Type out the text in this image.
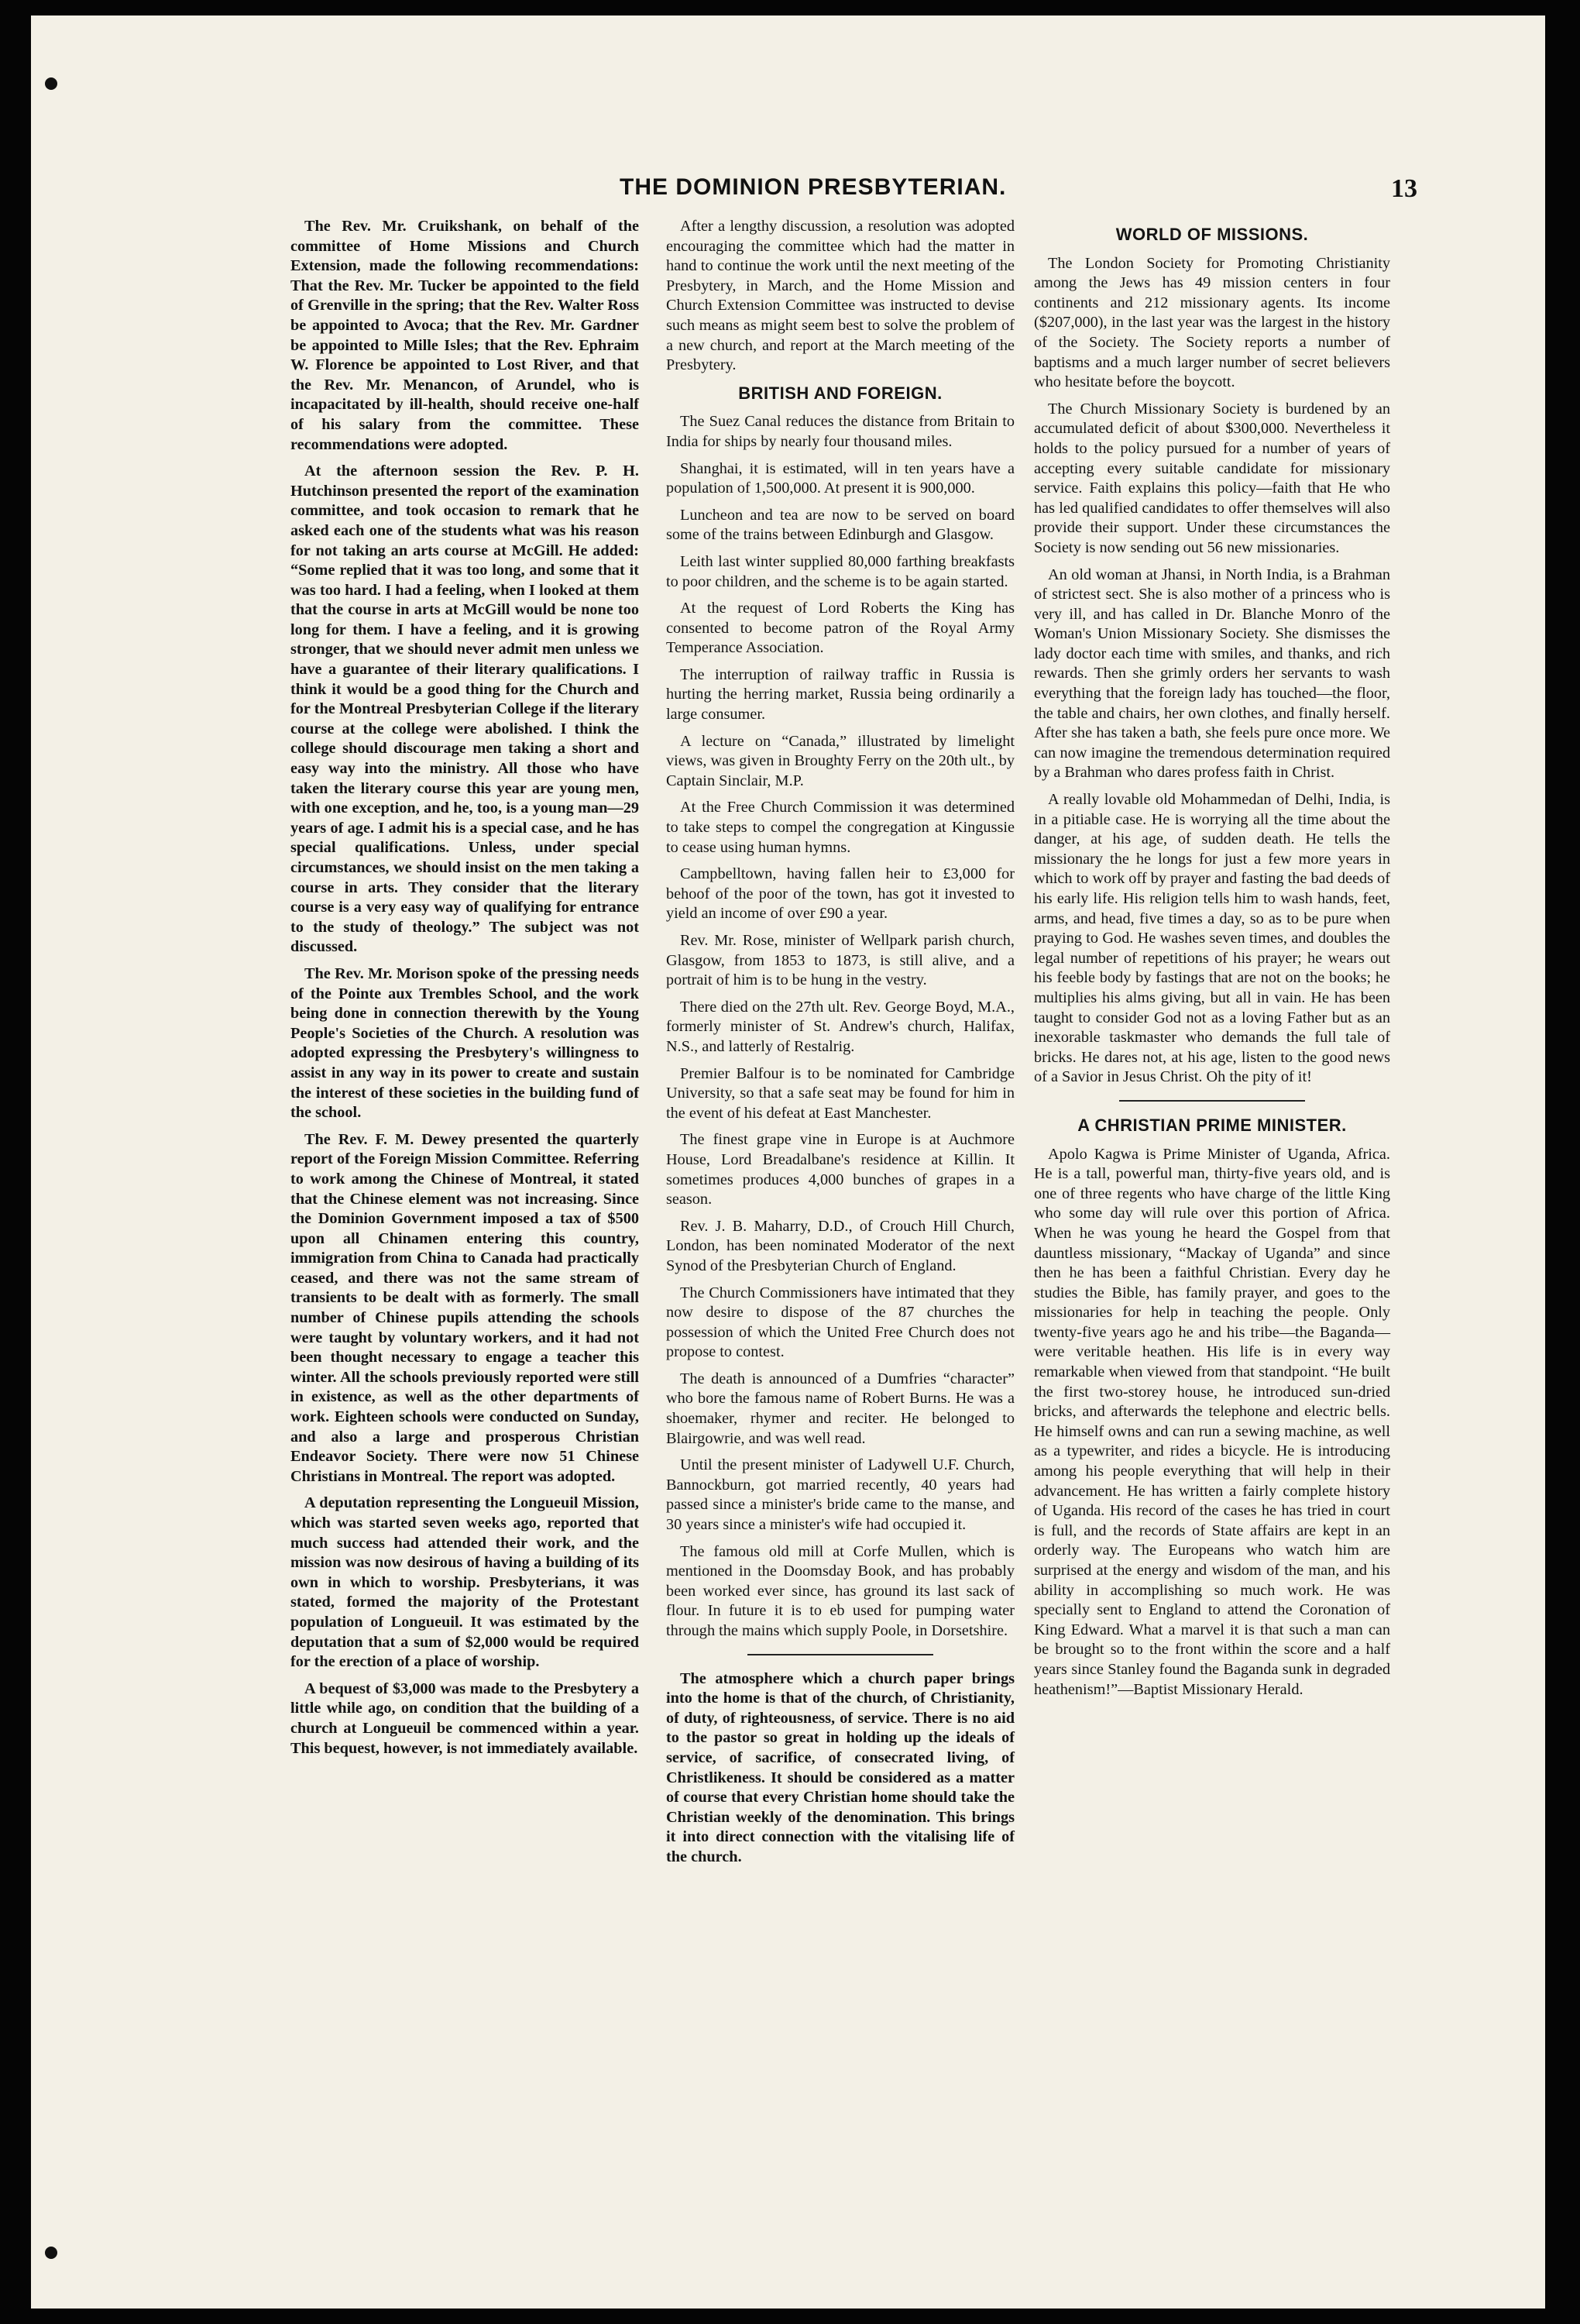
THE DOMINION PRESBYTERIAN.	13

The Rev. Mr. Cruikshank, on behalf of the committee of Home Missions and Church Extension, made the following recommendations: That the Rev. Mr. Tucker be appointed to the field of Grenville in the spring; that the Rev. Walter Ross be appointed to Avoca; that the Rev. Mr. Gardner be appointed to Mille Isles; that the Rev. Ephraim W. Florence be appointed to Lost River, and that the Rev. Mr. Menancon, of Arundel, who is incapacitated by ill-health, should receive one-half of his salary from the committee. These recommendations were adopted.

At the afternoon session the Rev. P. H. Hutchinson presented the report of the examination committee, and took occasion to remark that he asked each one of the students what was his reason for not taking an arts course at McGill. He added: “Some replied that it was too long, and some that it was too hard. I had a feeling, when I looked at them that the course in arts at McGill would be none too long for them. I have a feeling, and it is growing stronger, that we should never admit men unless we have a guarantee of their literary qualifications. I think it would be a good thing for the Church and for the Montreal Presbyterian College if the literary course at the college were abolished. I think the college should discourage men taking a short and easy way into the ministry. All those who have taken the literary course this year are young men, with one exception, and he, too, is a young man—29 years of age. I admit his is a special case, and he has special qualifications. Unless, under special circumstances, we should insist on the men taking a course in arts. They consider that the literary course is a very easy way of qualifying for entrance to the study of theology.” The subject was not discussed.

The Rev. Mr. Morison spoke of the pressing needs of the Pointe aux Trembles School, and the work being done in connection therewith by the Young People's Societies of the Church. A resolution was adopted expressing the Presbytery's willingness to assist in any way in its power to create and sustain the interest of these societies in the building fund of the school.

The Rev. F. M. Dewey presented the quarterly report of the Foreign Mission Committee. Referring to work among the Chinese of Montreal, it stated that the Chinese element was not increasing. Since the Dominion Government imposed a tax of $500 upon all Chinamen entering this country, immigration from China to Canada had practically ceased, and there was not the same stream of transients to be dealt with as formerly. The small number of Chinese pupils attending the schools were taught by voluntary workers, and it had not been thought necessary to engage a teacher this winter. All the schools previously reported were still in existence, as well as the other departments of work. Eighteen schools were conducted on Sunday, and also a large and prosperous Christian Endeavor Society. There were now 51 Chinese Christians in Montreal. The report was adopted.

A deputation representing the Longueuil Mission, which was started seven weeks ago, reported that much success had attended their work, and the mission was now desirous of having a building of its own in which to worship. Presbyterians, it was stated, formed the majority of the Protestant population of Longueuil. It was estimated by the deputation that a sum of $2,000 would be required for the erection of a place of worship.

A bequest of $3,000 was made to the Presbytery a little while ago, on condition that the building of a church at Longueuil be commenced within a year. This bequest, however, is not immediately available.

After a lengthy discussion, a resolution was adopted encouraging the committee which had the matter in hand to continue the work until the next meeting of the Presbytery, in March, and the Home Mission and Church Extension Committee was instructed to devise such means as might seem best to solve the problem of a new church, and report at the March meeting of the Presbytery.

BRITISH AND FOREIGN.

The Suez Canal reduces the distance from Britain to India for ships by nearly four thousand miles.

Shanghai, it is estimated, will in ten years have a population of 1,500,000. At present it is 900,000.

Luncheon and tea are now to be served on board some of the trains between Edinburgh and Glasgow.

Leith last winter supplied 80,000 farthing breakfasts to poor children, and the scheme is to be again started.

At the request of Lord Roberts the King has consented to become patron of the Royal Army Temperance Association.

The interruption of railway traffic in Russia is hurting the herring market, Russia being ordinarily a large consumer.

A lecture on “Canada,” illustrated by limelight views, was given in Broughty Ferry on the 20th ult., by Captain Sinclair, M.P.

At the Free Church Commission it was determined to take steps to compel the congregation at Kingussie to cease using human hymns.

Campbelltown, having fallen heir to £3,000 for behoof of the poor of the town, has got it invested to yield an income of over £90 a year.

Rev. Mr. Rose, minister of Wellpark parish church, Glasgow, from 1853 to 1873, is still alive, and a portrait of him is to be hung in the vestry.

There died on the 27th ult. Rev. George Boyd, M.A., formerly minister of St. Andrew's church, Halifax, N.S., and latterly of Restalrig.

Premier Balfour is to be nominated for Cambridge University, so that a safe seat may be found for him in the event of his defeat at East Manchester.

The finest grape vine in Europe is at Auchmore House, Lord Breadalbane's residence at Killin. It sometimes produces 4,000 bunches of grapes in a season.

Rev. J. B. Maharry, D.D., of Crouch Hill Church, London, has been nominated Moderator of the next Synod of the Presbyterian Church of England.

The Church Commissioners have intimated that they now desire to dispose of the 87 churches the possession of which the United Free Church does not propose to contest.

The death is announced of a Dumfries “character” who bore the famous name of Robert Burns. He was a shoemaker, rhymer and reciter. He belonged to Blairgowrie, and was well read.

Until the present minister of Ladywell U.F. Church, Bannockburn, got married recently, 40 years had passed since a minister's bride came to the manse, and 30 years since a minister's wife had occupied it.

The famous old mill at Corfe Mullen, which is mentioned in the Doomsday Book, and has probably been worked ever since, has ground its last sack of flour. In future it is to eb used for pumping water through the mains which supply Poole, in Dorsetshire.

The atmosphere which a church paper brings into the home is that of the church, of Christianity, of duty, of righteousness, of service. There is no aid to the pastor so great in holding up the ideals of service, of sacrifice, of consecrated living, of Christlikeness. It should be considered as a matter of course that every Christian home should take the Christian weekly of the denomination. This brings it into direct connection with the vitalising life of the church.

WORLD OF MISSIONS.

The London Society for Promoting Christianity among the Jews has 49 mission centers in four continents and 212 missionary agents. Its income ($207,000), in the last year was the largest in the history of the Society. The Society reports a number of baptisms and a much larger number of secret believers who hesitate before the boycott.

The Church Missionary Society is burdened by an accumulated deficit of about $300,000. Nevertheless it holds to the policy pursued for a number of years of accepting every suitable candidate for missionary service. Faith explains this policy—faith that He who has led qualified candidates to offer themselves will also provide their support. Under these circumstances the Society is now sending out 56 new missionaries.

An old woman at Jhansi, in North India, is a Brahman of strictest sect. She is also mother of a princess who is very ill, and has called in Dr. Blanche Monro of the Woman's Union Missionary Society. She dismisses the lady doctor each time with smiles, and thanks, and rich rewards. Then she grimly orders her servants to wash everything that the foreign lady has touched—the floor, the table and chairs, her own clothes, and finally herself. After she has taken a bath, she feels pure once more. We can now imagine the tremendous determination required by a Brahman who dares profess faith in Christ.

A really lovable old Mohammedan of Delhi, India, is in a pitiable case. He is worrying all the time about the danger, at his age, of sudden death. He tells the missionary the he longs for just a few more years in which to work off by prayer and fasting the bad deeds of his early life. His religion tells him to wash hands, feet, arms, and head, five times a day, so as to be pure when praying to God. He washes seven times, and doubles the legal number of repetitions of his prayer; he wears out his feeble body by fastings that are not on the books; he multiplies his alms giving, but all in vain. He has been taught to consider God not as a loving Father but as an inexorable taskmaster who demands the full tale of bricks. He dares not, at his age, listen to the good news of a Savior in Jesus Christ. Oh the pity of it!

A CHRISTIAN PRIME MINISTER.

Apolo Kagwa is Prime Minister of Uganda, Africa. He is a tall, powerful man, thirty-five years old, and is one of three regents who have charge of the little King who some day will rule over this portion of Africa. When he was young he heard the Gospel from that dauntless missionary, “Mackay of Uganda” and since then he has been a faithful Christian. Every day he studies the Bible, has family prayer, and goes to the missionaries for help in teaching the people. Only twenty-five years ago he and his tribe—the Baganda—were veritable heathen. His life is in every way remarkable when viewed from that standpoint. “He built the first two-storey house, he introduced sun-dried bricks, and afterwards the telephone and electric bells. He himself owns and can run a sewing machine, as well as a typewriter, and rides a bicycle. He is introducing among his people everything that will help in their advancement. He has written a fairly complete history of Uganda. His record of the cases he has tried in court is full, and the records of State affairs are kept in an orderly way. The Europeans who watch him are surprised at the energy and wisdom of the man, and his ability in accomplishing so much work. He was specially sent to England to attend the Coronation of King Edward. What a marvel it is that such a man can be brought so to the front within the score and a half years since Stanley found the Baganda sunk in degraded heathenism!”—Baptist Missionary Herald.
